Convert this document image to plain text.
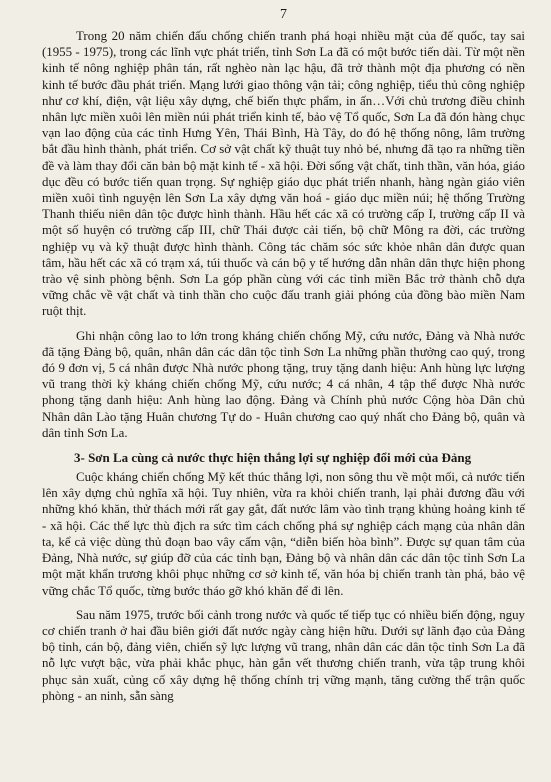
7

Trong 20 năm chiến đấu chống chiến tranh phá hoại nhiều mặt của đế quốc, tay sai (1955 - 1975), trong các lĩnh vực phát triển, tỉnh Sơn La đã có một bước tiến dài. Từ một nền kinh tế nông nghiệp phân tán, rất nghèo nàn lạc hậu, đã trở thành một địa phương có nền kinh tế bước đầu phát triển. Mạng lưới giao thông vận tải; công nghiệp, tiểu thủ công nghiệp như cơ khí, điện, vật liệu xây dựng, chế biến thực phẩm, in ấn…Với chủ trương điều chỉnh nhân lực miền xuôi lên miền núi phát triển kinh tế, bảo vệ Tổ quốc, Sơn La đã đón hàng chục vạn lao động của các tỉnh Hưng Yên, Thái Bình, Hà Tây, do đó hệ thống nông, lâm trường bắt đầu hình thành, phát triển. Cơ sở vật chất kỹ thuật tuy nhỏ bé, nhưng đã tạo ra những tiền đề và làm thay đổi căn bản bộ mặt kinh tế - xã hội. Đời sống vật chất, tinh thần, văn hóa, giáo dục đều có bước tiến quan trọng. Sự nghiệp giáo dục phát triển nhanh, hàng ngàn giáo viên miền xuôi tình nguyện lên Sơn La xây dựng văn hoá - giáo dục miền núi; hệ thống Trường Thanh thiếu niên dân tộc được hình thành. Hầu hết các xã có trường cấp I, trường cấp II và một số huyện có trường cấp III, chữ Thái được cải tiến, bộ chữ Mông ra đời, các trường nghiệp vụ và kỹ thuật được hình thành. Công tác chăm sóc sức khỏe nhân dân được quan tâm, hầu hết các xã có trạm xá, túi thuốc và cán bộ y tế hướng dẫn nhân dân thực hiện phong trào vệ sinh phòng bệnh. Sơn La góp phần cùng với các tỉnh miền Bắc trở thành chỗ dựa vững chắc về vật chất và tinh thần cho cuộc đấu tranh giải phóng của đồng bào miền Nam ruột thịt.

Ghi nhận công lao to lớn trong kháng chiến chống Mỹ, cứu nước, Đảng và Nhà nước đã tặng Đảng bộ, quân, nhân dân các dân tộc tỉnh Sơn La những phần thưởng cao quý, trong đó 9 đơn vị, 5 cá nhân được Nhà nước phong tặng, truy tặng danh hiệu: Anh hùng lực lượng vũ trang thời kỳ kháng chiến chống Mỹ, cứu nước; 4 cá nhân, 4 tập thể được Nhà nước phong tặng danh hiệu: Anh hùng lao động. Đảng và Chính phủ nước Cộng hòa Dân chủ Nhân dân Lào tặng Huân chương Tự do - Huân chương cao quý nhất cho Đảng bộ, quân và dân tỉnh Sơn La.

3- Sơn La cùng cả nước thực hiện thắng lợi sự nghiệp đổi mới của Đảng

Cuộc kháng chiến chống Mỹ kết thúc thắng lợi, non sông thu về một mối, cả nước tiến lên xây dựng chủ nghĩa xã hội. Tuy nhiên, vừa ra khỏi chiến tranh, lại phải đương đầu với những khó khăn, thử thách mới rất gay gắt, đất nước lâm vào tình trạng khủng hoảng kinh tế - xã hội. Các thế lực thù địch ra sức tìm cách chống phá sự nghiệp cách mạng của nhân dân ta, kể cả việc dùng thủ đoạn bao vây cấm vận, “diễn biến hòa bình”. Được sự quan tâm của Đảng, Nhà nước, sự giúp đỡ của các tỉnh bạn, Đảng bộ và nhân dân các dân tộc tỉnh Sơn La một mặt khẩn trương khôi phục những cơ sở kinh tế, văn hóa bị chiến tranh tàn phá, bảo vệ vững chắc Tổ quốc, từng bước tháo gỡ khó khăn để đi lên.

Sau năm 1975, trước bối cảnh trong nước và quốc tế tiếp tục có nhiều biến động, nguy cơ chiến tranh ở hai đầu biên giới đất nước ngày càng hiện hữu. Dưới sự lãnh đạo của Đảng bộ tỉnh, cán bộ, đảng viên, chiến sỹ lực lượng vũ trang, nhân dân các dân tộc tỉnh Sơn La đã nỗ lực vượt bậc, vừa phải khắc phục, hàn gắn vết thương chiến tranh, vừa tập trung khôi phục sản xuất, củng cố xây dựng hệ thống chính trị vững mạnh, tăng cường thế trận quốc phòng - an ninh, sẵn sàng
